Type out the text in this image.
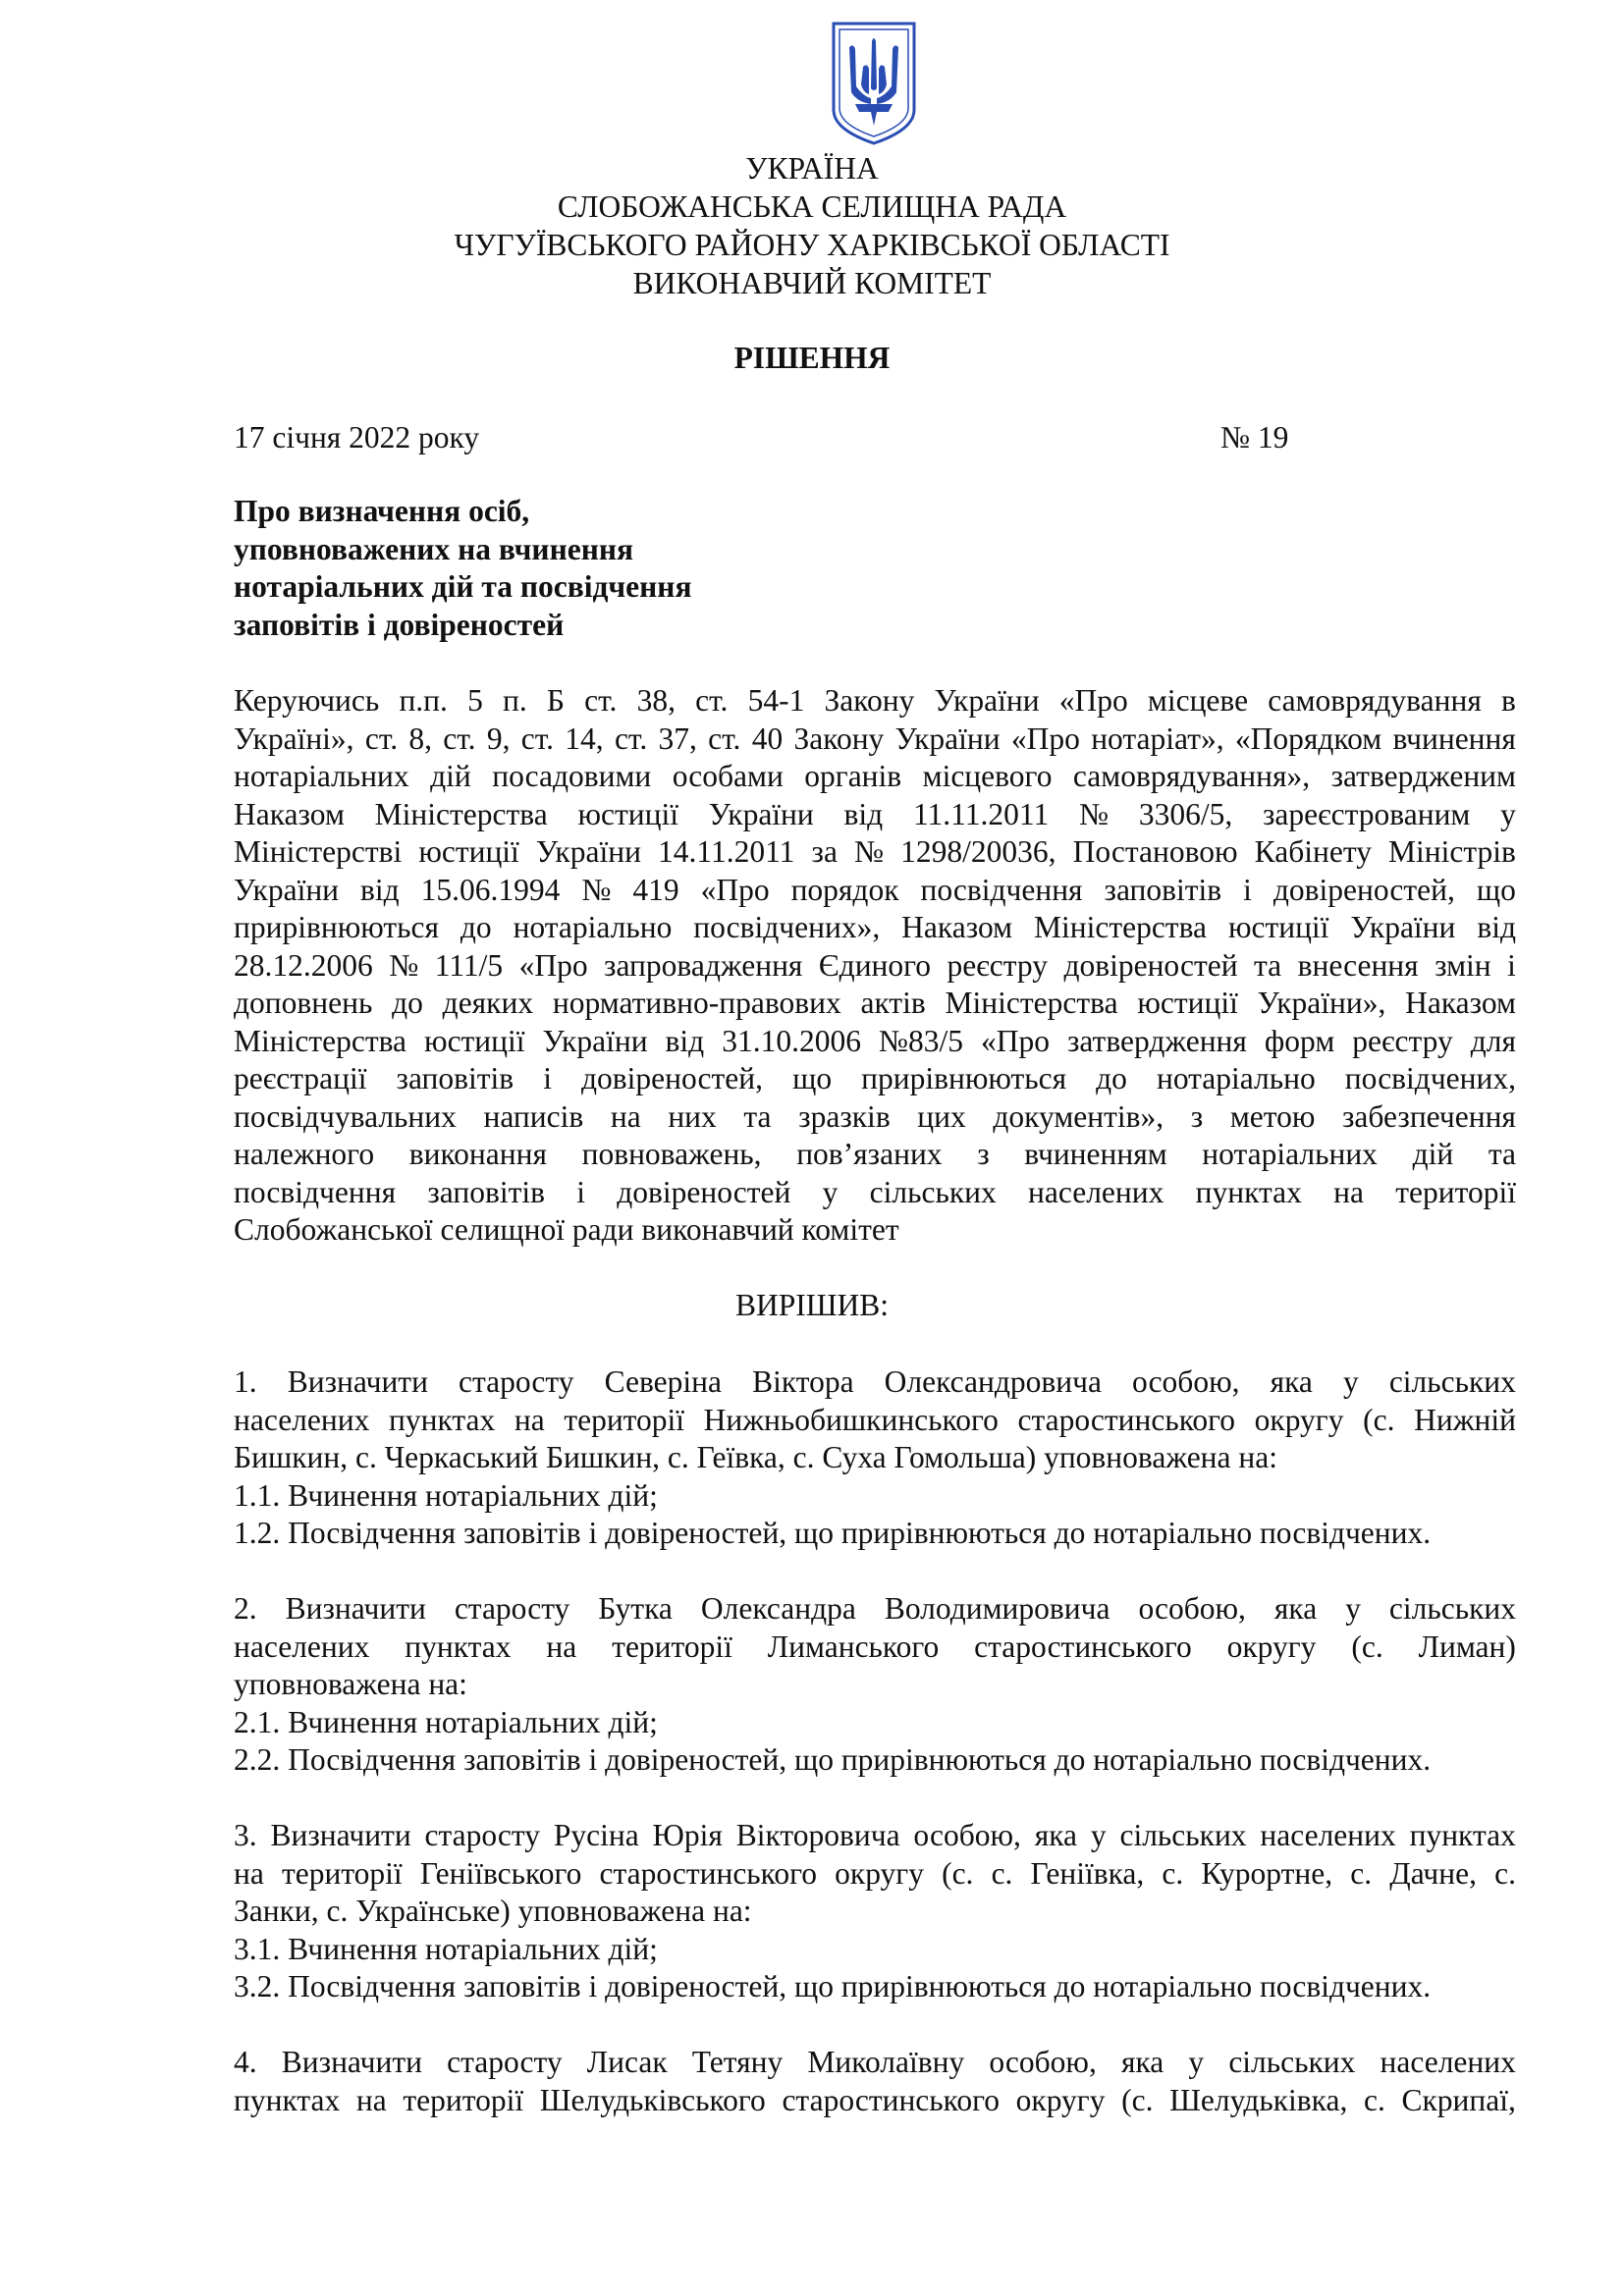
УКРАЇНА
СЛОБОЖАНСЬКА СЕЛИЩНА РАДА
ЧУГУЇВСЬКОГО РАЙОНУ ХАРКІВСЬКОЇ ОБЛАСТІ
ВИКОНАВЧИЙ КОМІТЕТ
РІШЕННЯ
17 січня 2022 року	№ 19
Про визначення осіб,
уповноважених на вчинення
нотаріальних дій та посвідчення
заповітів і довіреностей
Керуючись п.п. 5 п. Б ст. 38, ст. 54-1 Закону України «Про місцеве самоврядування в
Україні», ст. 8, ст. 9, ст. 14, ст. 37, ст. 40 Закону України «Про нотаріат», «Порядком вчинення
нотаріальних дій посадовими особами органів місцевого самоврядування», затвердженим
Наказом Міністерства юстиції України від 11.11.2011 № 3306/5, зареєстрованим у
Міністерстві юстиції України 14.11.2011 за № 1298/20036, Постановою Кабінету Міністрів
України від 15.06.1994 № 419 «Про порядок посвідчення заповітів і довіреностей, що
прирівнюються до нотаріально посвідчених», Наказом Міністерства юстиції України від
28.12.2006 № 111/5 «Про запровадження Єдиного реєстру довіреностей та внесення змін і
доповнень до деяких нормативно-правових актів Міністерства юстиції України», Наказом
Міністерства юстиції України від 31.10.2006 №83/5 «Про затвердження форм реєстру для
реєстрації заповітів і довіреностей, що прирівнюються до нотаріально посвідчених,
посвідчувальних написів на них та зразків цих документів», з метою забезпечення
належного виконання повноважень, пов’язаних з вчиненням нотаріальних дій та
посвідчення заповітів і довіреностей у сільських населених пунктах на території
Слобожанської селищної ради виконавчий комітет
ВИРІШИВ:
1. Визначити старосту Северіна Віктора Олександровича особою, яка у сільських
населених пунктах на території Нижньобишкинського старостинського округу (с. Нижній
Бишкин, с. Черкаський Бишкин, с. Геївка, с. Суха Гомольша) уповноважена на:
1.1. Вчинення нотаріальних дій;
1.2. Посвідчення заповітів і довіреностей, що прирівнюються до нотаріально посвідчених.
2. Визначити старосту Бутка Олександра Володимировича особою, яка у сільських
населених пунктах на території Лиманського старостинського округу (с. Лиман)
уповноважена на:
2.1. Вчинення нотаріальних дій;
2.2. Посвідчення заповітів і довіреностей, що прирівнюються до нотаріально посвідчених.
3. Визначити старосту Русіна Юрія Вікторовича особою, яка у сільських населених пунктах
на території Геніївського старостинського округу (с. с. Геніївка, с. Курортне, с. Дачне, с.
Занки, с. Українське) уповноважена на:
3.1. Вчинення нотаріальних дій;
3.2. Посвідчення заповітів і довіреностей, що прирівнюються до нотаріально посвідчених.
4. Визначити старосту Лисак Тетяну Миколаївну особою, яка у сільських населених
пунктах на території Шелудьківського старостинського округу (с. Шелудьківка, с. Скрипаї,
